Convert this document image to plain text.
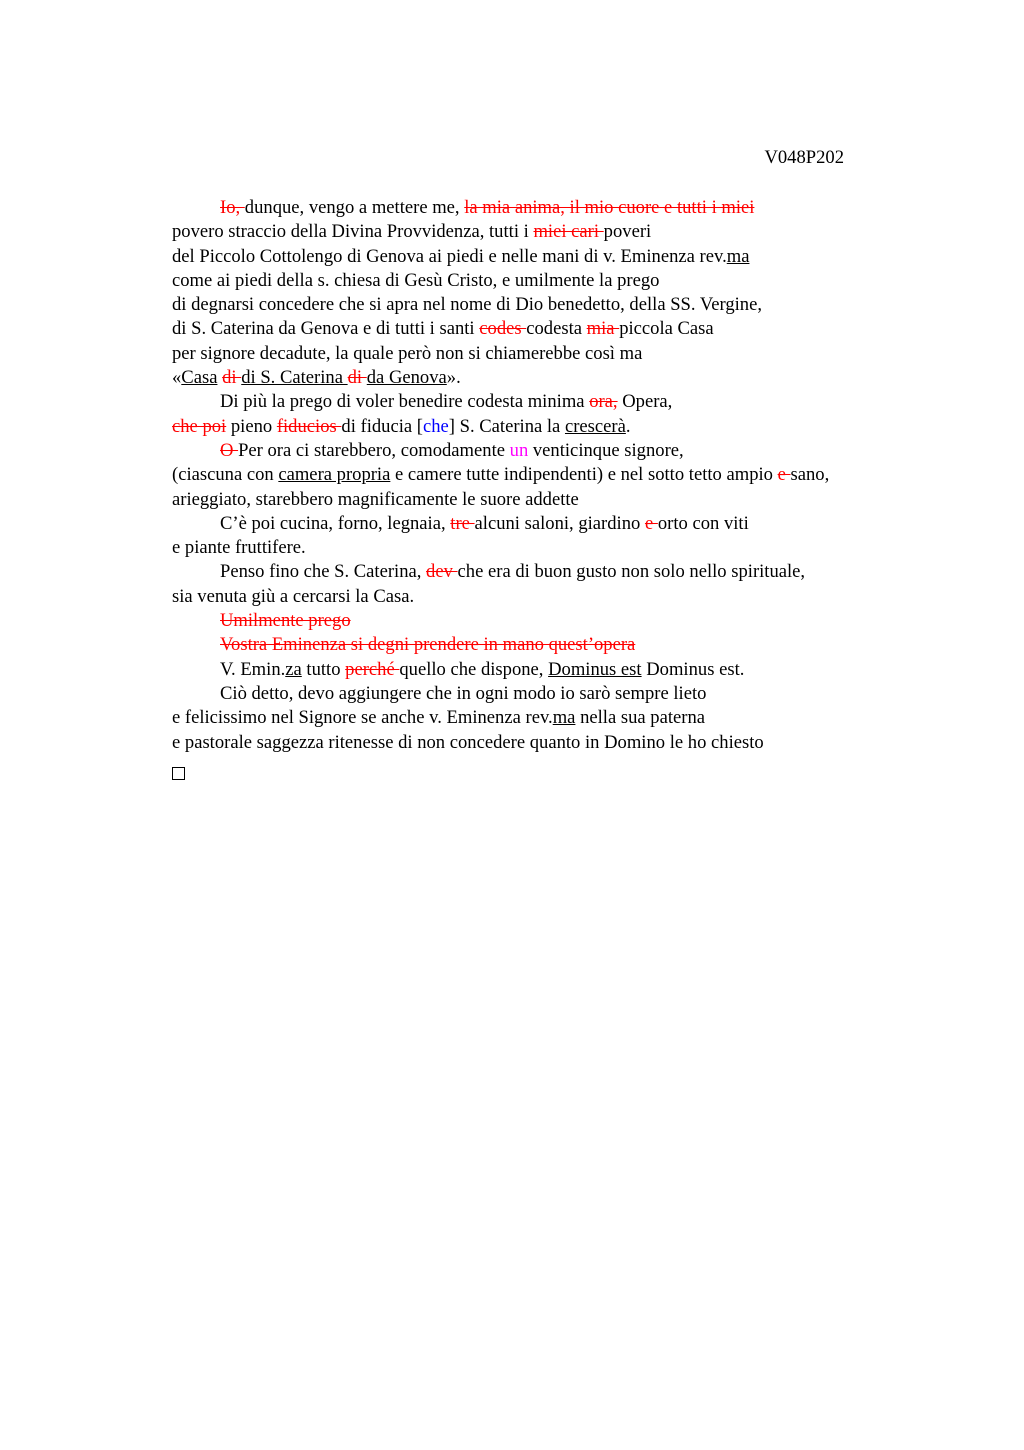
V048P202
Io, dunque, vengo a mettere me, la mia anima, il mio cuore e tutti i miei
povero straccio della Divina Provvidenza, tutti i miei cari poveri
del Piccolo Cottolengo di Genova ai piedi e nelle mani di v. Eminenza rev.ma
come ai piedi della s. chiesa di Gesù Cristo, e umilmente la prego
di degnarsi concedere che si apra nel nome di Dio benedetto, della SS. Vergine,
di S. Caterina da Genova e di tutti i santi codes codesta mia piccola Casa
per signore decadute, la quale però non si chiamerebbe così ma
«Casa di di S. Caterina di da Genova».
Di più la prego di voler benedire codesta minima ora, Opera,
che poi pieno fiducios di fiducia [che] S. Caterina la crescerà.
O Per ora ci starebbero, comodamente un venticinque signore,
(ciascuna con camera propria e camere tutte indipendenti) e nel sotto tetto ampio e sano,
arieggiato, starebbero magnificamente le suore addette
C’è poi cucina, forno, legnaia, tre alcuni saloni, giardino e orto con viti
e piante fruttifere.
Penso fino che S. Caterina, dev che era di buon gusto non solo nello spirituale,
sia venuta giù a cercarsi la Casa.
Umilmente prego
Vostra Eminenza si degni prendere in mano quest’opera
V. Emin.za tutto perché quello che dispone, Dominus est Dominus est.
Ciò detto, devo aggiungere che in ogni modo io sarò sempre lieto
e felicissimo nel Signore se anche v. Eminenza rev.ma nella sua paterna
e pastorale saggezza ritenesse di non concedere quanto in Domino le ho chiesto
